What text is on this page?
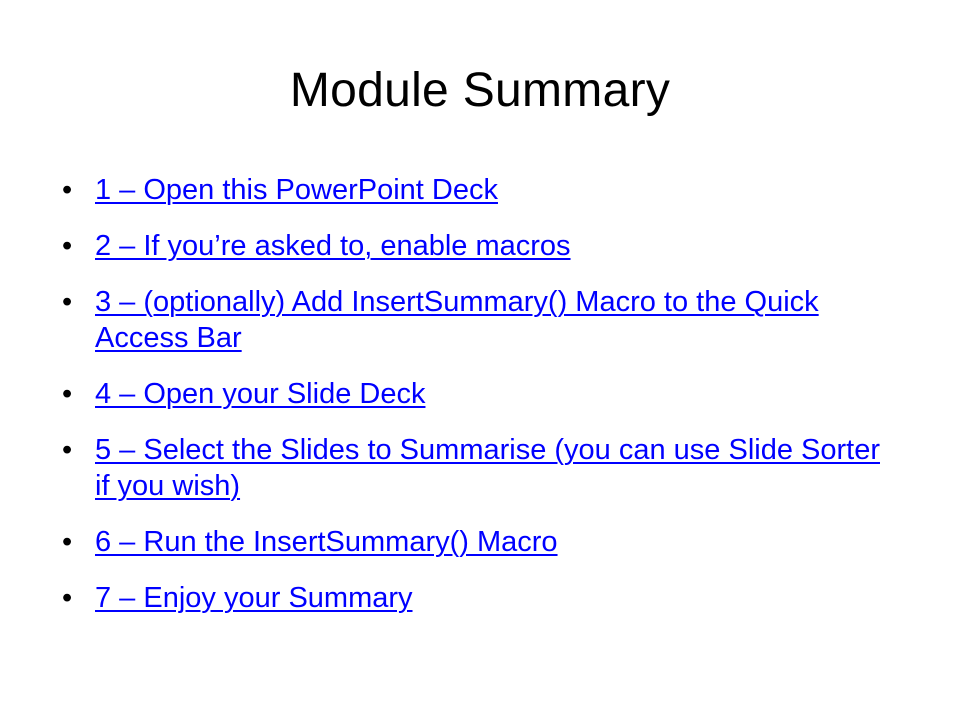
Module Summary
• 1 – Open this PowerPoint Deck
• 2 – If you’re asked to, enable macros
• 3 – (optionally) Add InsertSummary() Macro to the Quick Access Bar
• 4 – Open your Slide Deck
• 5 – Select the Slides to Summarise (you can use Slide Sorter if you wish)
• 6 – Run the InsertSummary() Macro
• 7 – Enjoy your Summary
